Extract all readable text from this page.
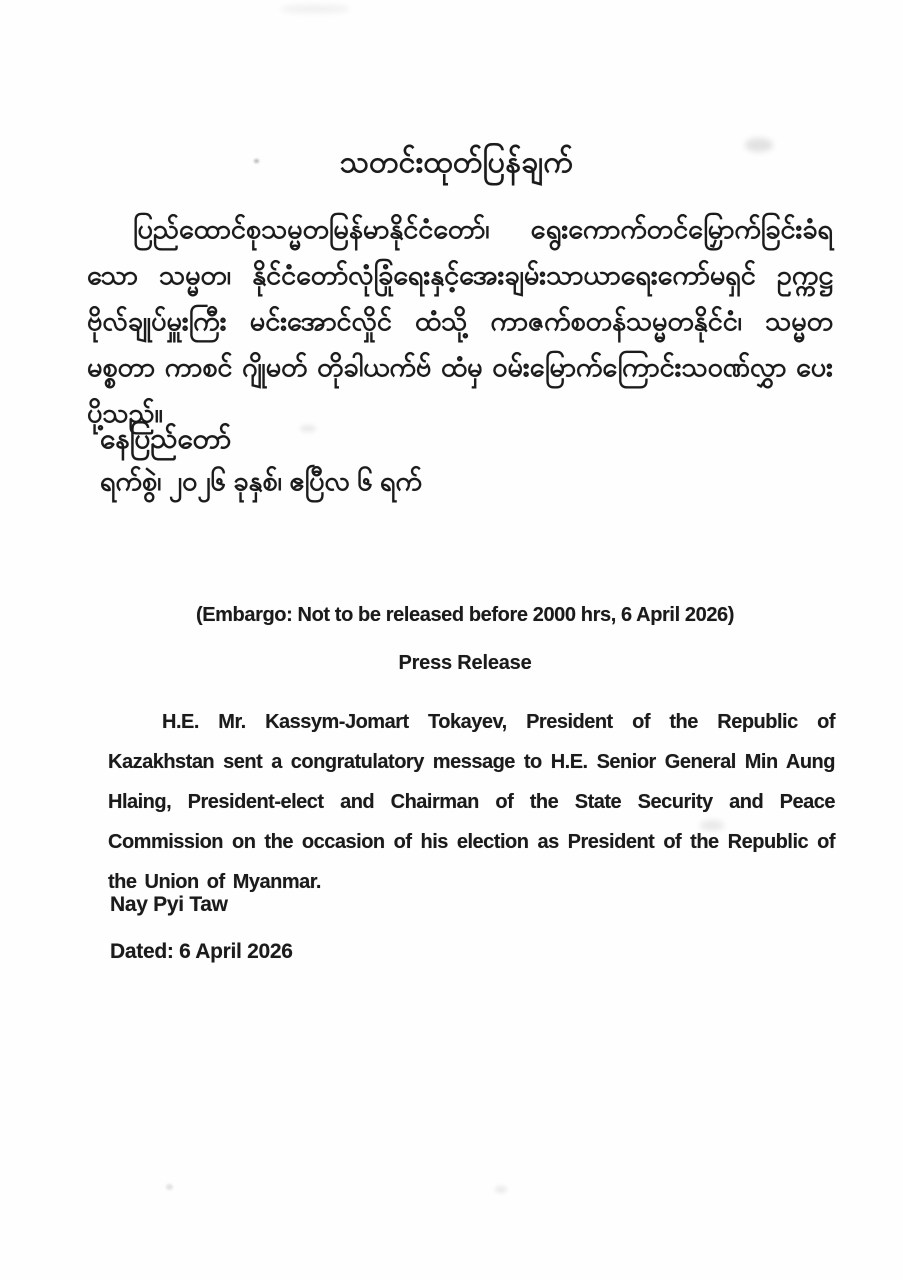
သတင်းထုတ်ပြန်ချက်
ပြည်ထောင်စုသမ္မတမြန်မာနိုင်ငံတော်၊ ရွေးကောက်တင်မြှောက်ခြင်းခံရသော သမ္မတ၊ နိုင်ငံတော်လုံခြုံရေးနှင့်အေးချမ်းသာယာရေးကော်မရှင် ဥက္ကဋ္ဌ ဗိုလ်ချုပ်မှူးကြီး မင်းအောင်လှိုင် ထံသို့ ကာဇက်စတန်သမ္မတနိုင်ငံ၊ သမ္မတ မစ္စတာ ကာစင် ဂျိုမတ် တိုခါယက်ဗ် ထံမှ ဝမ်းမြောက်ကြောင်းသဝဏ်လွှာ ပေးပို့သည်။
နေပြည်တော်
ရက်စွဲ၊ ၂၀၂၆ ခုနှစ်၊ ဧပြီလ ၆ ရက်
(Embargo: Not to be released before 2000 hrs, 6 April 2026)
Press Release
H.E. Mr. Kassym-Jomart Tokayev, President of the Republic of Kazakhstan sent a congratulatory message to H.E. Senior General Min Aung Hlaing, President-elect and Chairman of the State Security and Peace Commission on the occasion of his election as President of the Republic of the Union of Myanmar.
Nay Pyi Taw
Dated: 6 April 2026
